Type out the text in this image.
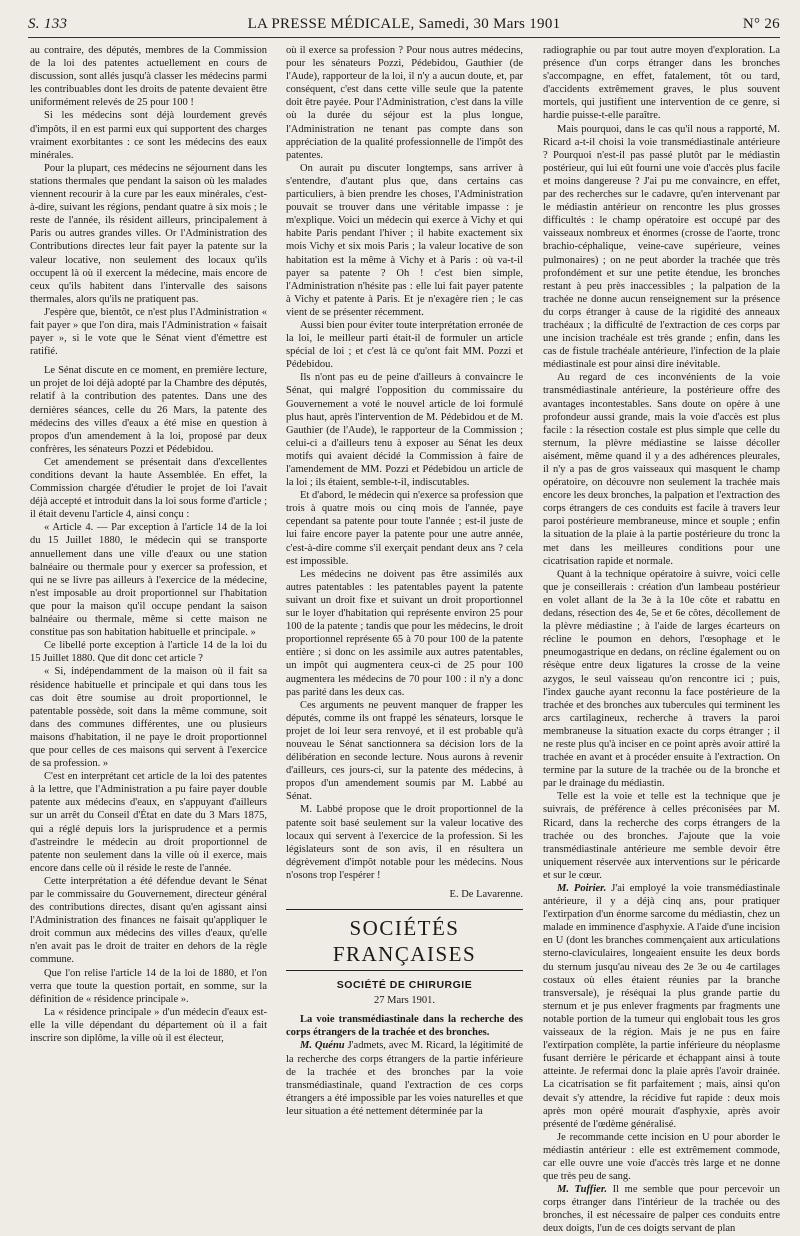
S. 133	LA PRESSE MÉDICALE, Samedi, 30 Mars 1901	N° 26

au contraire, des députés, membres de la Commission de la loi des patentes actuellement en cours de discussion, sont allés jusqu'à classer les médecins parmi les contribuables dont les droits de patente devaient être uniformément relevés de 25 pour 100 !

Si les médecins sont déjà lourdement grevés d'impôts, il en est parmi eux qui supportent des charges vraiment exorbitantes : ce sont les médecins des eaux minérales.

Pour la plupart, ces médecins ne séjournent dans les stations thermales que pendant la saison où les malades viennent recourir à la cure par les eaux minérales, c'est-à-dire, suivant les régions, pendant quatre à six mois ; le reste de l'année, ils résident ailleurs, principalement à Paris ou autres grandes villes. Or l'Administration des Contributions directes leur fait payer la patente sur la valeur locative, non seulement des locaux qu'ils occupent là où il exercent la médecine, mais encore de ceux qu'ils habitent dans l'intervalle des saisons thermales, alors qu'ils ne pratiquent pas.

J'espère que, bientôt, ce n'est plus l'Administration « fait payer » que l'on dira, mais l'Administration « faisait payer », si le vote que le Sénat vient d'émettre est ratifié.

Le Sénat discute en ce moment, en première lecture, un projet de loi déjà adopté par la Chambre des députés, relatif à la contribution des patentes. Dans une des dernières séances, celle du 26 Mars, la patente des médecins des villes d'eaux a été mise en question à propos d'un amendement à la loi, proposé par deux confrères, les sénateurs Pozzi et Pédebidou.

Cet amendement se présentait dans d'excellentes conditions devant la haute Assemblée. En effet, la Commission chargée d'étudier le projet de loi l'avait déjà accepté et introduit dans la loi sous forme d'article ; il était devenu l'article 4, ainsi conçu :

« Article 4. — Par exception à l'article 14 de la loi du 15 Juillet 1880, le médecin qui se transporte annuellement dans une ville d'eaux ou une station balnéaire ou thermale pour y exercer sa profession, et qui ne se livre pas ailleurs à l'exercice de la médecine, n'est imposable au droit proportionnel sur l'habitation que pour la maison qu'il occupe pendant la saison balnéaire ou thermale, même si cette maison ne constitue pas son habitation habituelle et principale. »

Ce libellé porte exception à l'article 14 de la loi du 15 Juillet 1880. Que dit donc cet article ?

« Si, indépendamment de la maison où il fait sa résidence habituelle et principale et qui dans tous les cas doit être soumise au droit proportionnel, le patentable possède, soit dans la même commune, soit dans des communes différentes, une ou plusieurs maisons d'habitation, il ne paye le droit proportionnel que pour celles de ces maisons qui servent à l'exercice de sa profession. »

C'est en interprétant cet article de la loi des patentes à la lettre, que l'Administration a pu faire payer double patente aux médecins d'eaux, en s'appuyant d'ailleurs sur un arrêt du Conseil d'État en date du 3 Mars 1875, qui a réglé depuis lors la jurisprudence et a permis d'astreindre le médecin au droit proportionnel de patente non seulement dans la ville où il exerce, mais encore dans celle où il réside le reste de l'année.

Cette interprétation a été défendue devant le Sénat par le commissaire du Gouvernement, directeur général des contributions directes, disant qu'en agissant ainsi l'Administration des finances ne faisait qu'appliquer le droit commun aux médecins des villes d'eaux, qu'elle n'en avait pas le droit de traiter en dehors de la règle commune.

Que l'on relise l'article 14 de la loi de 1880, et l'on verra que toute la question portait, en somme, sur la définition de « résidence principale ».

La « résidence principale » d'un médecin d'eaux est-elle la ville dépendant du département où il a fait inscrire son diplôme, la ville où il est électeur,

où il exerce sa profession ? Pour nous autres médecins, pour les sénateurs Pozzi, Pédebidou, Gauthier (de l'Aude), rapporteur de la loi, il n'y a aucun doute, et, par conséquent, c'est dans cette ville seule que la patente doit être payée. Pour l'Administration, c'est dans la ville où la durée du séjour est la plus longue, l'Administration ne tenant pas compte dans son appréciation de la qualité professionnelle de l'impôt des patentes.

On aurait pu discuter longtemps, sans arriver à s'entendre, d'autant plus que, dans certains cas particuliers, à bien prendre les choses, l'Administration pouvait se trouver dans une véritable impasse : je m'explique. Voici un médecin qui exerce à Vichy et qui habite Paris pendant l'hiver ; il habite exactement six mois Vichy et six mois Paris ; la valeur locative de son habitation est la même à Vichy et à Paris : où va-t-il payer sa patente ? Oh ! c'est bien simple, l'Administration n'hésite pas : elle lui fait payer patente à Vichy et patente à Paris. Et je n'exagère rien ; le cas vient de se présenter récemment.

Aussi bien pour éviter toute interprétation erronée de la loi, le meilleur parti était-il de formuler un article spécial de loi ; et c'est là ce qu'ont fait MM. Pozzi et Pédebidou.

Ils n'ont pas eu de peine d'ailleurs à convaincre le Sénat, qui malgré l'opposition du commissaire du Gouvernement a voté le nouvel article de loi formulé plus haut, après l'intervention de M. Pédebidou et de M. Gauthier (de l'Aude), le rapporteur de la Commission ; celui-ci a d'ailleurs tenu à exposer au Sénat les deux motifs qui avaient décidé la Commission à faire de l'amendement de MM. Pozzi et Pédebidou un article de la loi ; ils étaient, semble-t-il, indiscutables.

Et d'abord, le médecin qui n'exerce sa profession que trois à quatre mois ou cinq mois de l'année, paye cependant sa patente pour toute l'année ; est-il juste de lui faire encore payer la patente pour une autre année, c'est-à-dire comme s'il exerçait pendant deux ans ? cela est impossible.

Les médecins ne doivent pas être assimilés aux autres patentables : les patentables payent la patente suivant un droit fixe et suivant un droit proportionnel sur le loyer d'habitation qui représente environ 25 pour 100 de la patente ; tandis que pour les médecins, le droit proportionnel représente 65 à 70 pour 100 de la patente entière ; si donc on les assimile aux autres patentables, un impôt qui augmentera ceux-ci de 25 pour 100 augmentera les médecins de 70 pour 100 : il n'y a donc pas parité dans les deux cas.

Ces arguments ne peuvent manquer de frapper les députés, comme ils ont frappé les sénateurs, lorsque le projet de loi leur sera renvoyé, et il est probable qu'à nouveau le Sénat sanctionnera sa décision lors de la délibération en seconde lecture. Nous aurons à revenir d'ailleurs, ces jours-ci, sur la patente des médecins, à propos d'un amendement soumis par M. Labbé au Sénat.

M. Labbé propose que le droit proportionnel de la patente soit basé seulement sur la valeur locative des locaux qui servent à l'exercice de la profession. Si les législateurs sont de son avis, il en résultera un dégrèvement d'impôt notable pour les médecins. Nous n'osons trop l'espérer !

E. De Lavarenne.
SOCIÉTÉS FRANÇAISES
SOCIÉTÉ DE CHIRURGIE
27 Mars 1901.

La voie transmédiastinale dans la recherche des corps étrangers de la trachée et des bronches.

M. Quénu J'admets, avec M. Ricard, la légitimité de la recherche des corps étrangers de la partie inférieure de la trachée et des bronches par la voie transmédiastinale, quand l'extraction de ces corps étrangers a été impossible par les voies naturelles et que leur situation a été nettement déterminée par la

radiographie ou par tout autre moyen d'exploration. La présence d'un corps étranger dans les bronches s'accompagne, en effet, fatalement, tôt ou tard, d'accidents extrêmement graves, le plus souvent mortels, qui justifient une intervention de ce genre, si hardie puisse-t-elle paraître.

Mais pourquoi, dans le cas qu'il nous a rapporté, M. Ricard a-t-il choisi la voie transmédiastinale antérieure ? Pourquoi n'est-il pas passé plutôt par le médiastin postérieur, qui lui eût fourni une voie d'accès plus facile et moins dangereuse ? J'ai pu me convaincre, en effet, par des recherches sur le cadavre, qu'en intervenant par le médiastin antérieur on rencontre les plus grosses difficultés : le champ opératoire est occupé par des vaisseaux nombreux et énormes (crosse de l'aorte, tronc brachio-céphalique, veine-cave supérieure, veines pulmonaires) ; on ne peut aborder la trachée que très profondément et sur une petite étendue, les bronches restant à peu près inaccessibles ; la palpation de la trachée ne donne aucun renseignement sur la présence du corps étranger à cause de la rigidité des anneaux trachéaux ; la difficulté de l'extraction de ces corps par une incision trachéale est très grande ; enfin, dans les cas de fistule trachéale antérieure, l'infection de la plaie médiastinale est pour ainsi dire inévitable.

Au regard de ces inconvénients de la voie transmédiastinale antérieure, la postérieure offre des avantages incontestables. Sans doute on opère à une profondeur aussi grande, mais la voie d'accès est plus facile : la résection costale est plus simple que celle du sternum, la plèvre médiastine se laisse décoller aisément, même quand il y a des adhérences pleurales, il n'y a pas de gros vaisseaux qui masquent le champ opératoire, on découvre non seulement la trachée mais encore les deux bronches, la palpation et l'extraction des corps étrangers de ces conduits est facile à travers leur paroi postérieure membraneuse, mince et souple ; enfin la situation de la plaie à la partie postérieure du tronc la met dans les meilleures conditions pour une cicatrisation rapide et normale.

Quant à la technique opératoire à suivre, voici celle que je conseillerais : création d'un lambeau postérieur en volet allant de la 3e à la 10e côte et rabattu en dedans, résection des 4e, 5e et 6e côtes, décollement de la plèvre médiastine ; à l'aide de larges écarteurs on récline le poumon en dehors, l'œsophage et le pneumogastrique en dedans, on récline également ou on résèque entre deux ligatures la crosse de la veine azygos, le seul vaisseau qu'on rencontre ici ; puis, l'index gauche ayant reconnu la face postérieure de la trachée et des bronches aux tubercules qui terminent les arcs cartilagineux, recherche à travers la paroi membraneuse la situation exacte du corps étranger ; il ne reste plus qu'à inciser en ce point après avoir attiré la trachée en avant et à procéder ensuite à l'extraction. On termine par la suture de la trachée ou de la bronche et par le drainage du médiastin.

Telle est la voie et telle est la technique que je suivrais, de préférence à celles préconisées par M. Ricard, dans la recherche des corps étrangers de la trachée ou des bronches. J'ajoute que la voie transmédiastinale antérieure me semble devoir être uniquement réservée aux interventions sur le péricarde et sur le cœur.

M. Poirier. J'ai employé la voie transmédiastinale antérieure, il y a déjà cinq ans, pour pratiquer l'extirpation d'un énorme sarcome du médiastin, chez un malade en imminence d'asphyxie. A l'aide d'une incision en U (dont les branches commençaient aux articulations sterno-claviculaires, longeaient ensuite les deux bords du sternum jusqu'au niveau des 2e 3e ou 4e cartilages costaux où elles étaient réunies par la branche transversale), je réséquai la plus grande partie du sternum et je pus enlever fragments par fragments une notable portion de la tumeur qui englobait tous les gros vaisseaux de la région. Mais je ne pus en faire l'extirpation complète, la partie inférieure du néoplasme fusant derrière le péricarde et échappant ainsi à toute atteinte. Je refermai donc la plaie après l'avoir drainée. La cicatrisation se fit parfaitement ; mais, ainsi qu'on devait s'y attendre, la récidive fut rapide : deux mois après mon opéré mourait d'asphyxie, après avoir présenté de l'œdème généralisé.

Je recommande cette incision en U pour aborder le médiastin antérieur : elle est extrêmement commode, car elle ouvre une voie d'accès très large et ne donne que très peu de sang.

M. Tuffier. Il me semble que pour percevoir un corps étranger dans l'intérieur de la trachée ou des bronches, il est nécessaire de palper ces conduits entre deux doigts, l'un de ces doigts servant de plan
